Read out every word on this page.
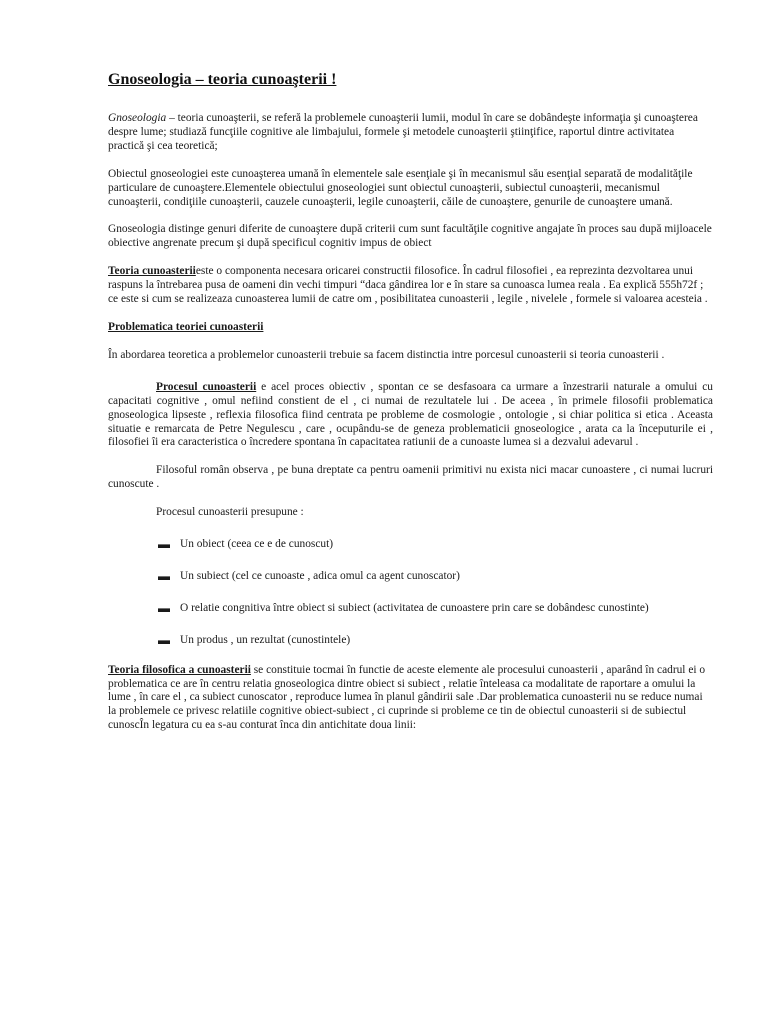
Gnoseologia – teoria cunoaşterii !

Gnoseologia – teoria cunoaşterii, se referă la problemele cunoaşterii lumii, modul în care se dobândeşte informaţia şi cunoaşterea despre lume; studiază funcţiile cognitive ale limbajului, formele şi metodele cunoaşterii ştiinţifice, raportul dintre activitatea practică şi cea teoretică;

Obiectul gnoseologiei este cunoaşterea umană în elementele sale esenţiale şi în mecanismul său esenţial separată de modalităţile particulare de cunoaştere.Elementele obiectului gnoseologiei sunt obiectul cunoaşterii, subiectul cunoaşterii, mecanismul cunoaşterii, condiţiile cunoaşterii, cauzele cunoaşterii, legile cunoaşterii, căile de cunoaştere, genurile de cunoaştere umană.

Gnoseologia distinge genuri diferite de cunoaştere după criterii cum sunt facultăţile cognitive angajate în proces sau după mijloacele obiective angrenate precum şi după specificul cognitiv impus de obiect

Teoria cunoasteriieste o componenta necesara oricarei constructii filosofice. În cadrul filosofiei , ea reprezinta dezvoltarea unui raspuns la întrebarea pusa de oameni din vechi timpuri “daca gândirea lor e în stare sa cunoasca lumea reala . Ea explică 555h72f ; ce este si cum se realizeaza cunoasterea lumii de catre om , posibilitatea cunoasterii , legile , nivelele , formele si valoarea acesteia .

Problematica teoriei cunoasterii

În abordarea teoretica a problemelor cunoasterii trebuie sa facem distinctia intre porcesul cunoasterii si teoria cunoasterii .

Procesul cunoasterii e acel proces obiectiv , spontan ce se desfasoara ca urmare a înzestrarii naturale a omului cu capacitati cognitive , omul nefiind constient de el , ci numai de rezultatele lui . De aceea , în primele filosofii problematica gnoseologica lipseste , reflexia filosofica fiind centrata pe probleme de cosmologie , ontologie , si chiar politica si etica . Aceasta situatie e remarcata de Petre Negulescu , care , ocupându-se de geneza problematicii gnoseologice , arata ca la începuturile ei , filosofiei îi era caracteristica o încredere spontana în capacitatea ratiunii de a cunoaste lumea si a dezvalui adevarul .

Filosoful român observa , pe buna dreptate ca pentru oamenii primitivi nu exista nici macar cunoastere , ci numai lucruri cunoscute .

Procesul cunoasterii presupune :

▬ Un obiect (ceea ce e de cunoscut)
▬ Un subiect (cel ce cunoaste , adica omul ca agent cunoscator)
▬ O relatie congnitiva între obiect si subiect (activitatea de cunoastere prin care se dobândesc cunostinte)
▬ Un produs , un rezultat (cunostintele)

Teoria filosofica a cunoasterii se constituie tocmai în functie de aceste elemente ale procesului cunoasterii , aparând în cadrul ei o problematica ce are în centru relatia gnoseologica dintre obiect si subiect , relatie înteleasa ca modalitate de raportare a omului la lume , în care el , ca subiect cunoscator , reproduce lumea în planul gândirii sale .Dar problematica cunoasterii nu se reduce numai la problemele ce privesc relatiile cognitive obiect-subiect , ci cuprinde si probleme ce tin de obiectul cunoasterii si de subiectul cunoscÎn legatura cu ea s-au conturat înca din antichitate doua linii:
